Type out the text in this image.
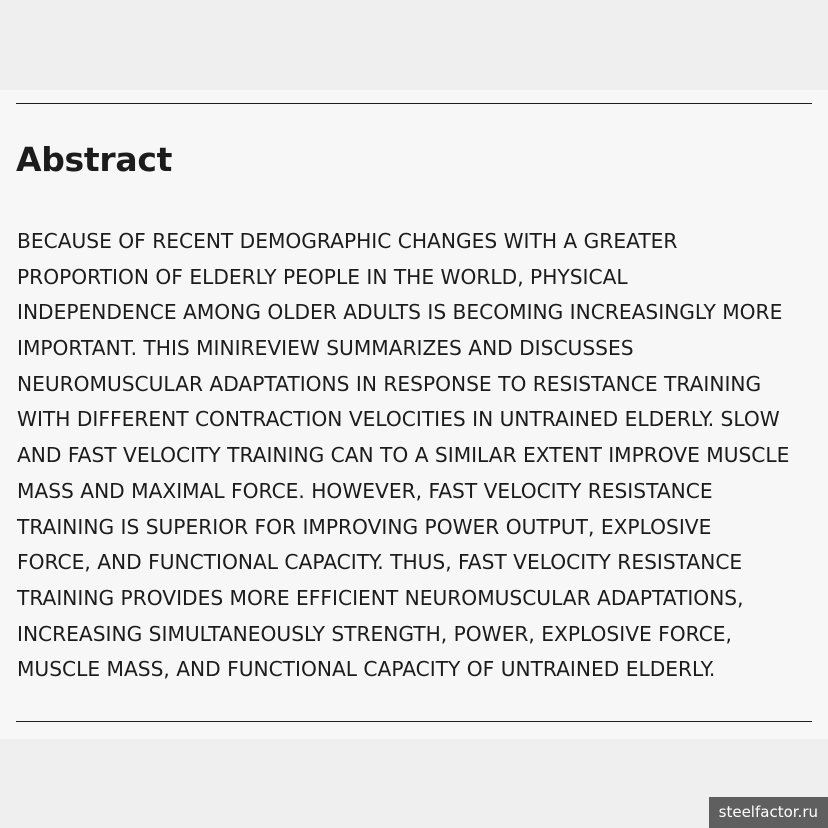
Abstract

BECAUSE OF RECENT DEMOGRAPHIC CHANGES WITH A GREATER
PROPORTION OF ELDERLY PEOPLE IN THE WORLD, PHYSICAL
INDEPENDENCE AMONG OLDER ADULTS IS BECOMING INCREASINGLY MORE
IMPORTANT. THIS MINIREVIEW SUMMARIZES AND DISCUSSES
NEUROMUSCULAR ADAPTATIONS IN RESPONSE TO RESISTANCE TRAINING
WITH DIFFERENT CONTRACTION VELOCITIES IN UNTRAINED ELDERLY. SLOW
AND FAST VELOCITY TRAINING CAN TO A SIMILAR EXTENT IMPROVE MUSCLE
MASS AND MAXIMAL FORCE. HOWEVER, FAST VELOCITY RESISTANCE
TRAINING IS SUPERIOR FOR IMPROVING POWER OUTPUT, EXPLOSIVE
FORCE, AND FUNCTIONAL CAPACITY. THUS, FAST VELOCITY RESISTANCE
TRAINING PROVIDES MORE EFFICIENT NEUROMUSCULAR ADAPTATIONS,
INCREASING SIMULTANEOUSLY STRENGTH, POWER, EXPLOSIVE FORCE,
MUSCLE MASS, AND FUNCTIONAL CAPACITY OF UNTRAINED ELDERLY.

steelfactor.ru
